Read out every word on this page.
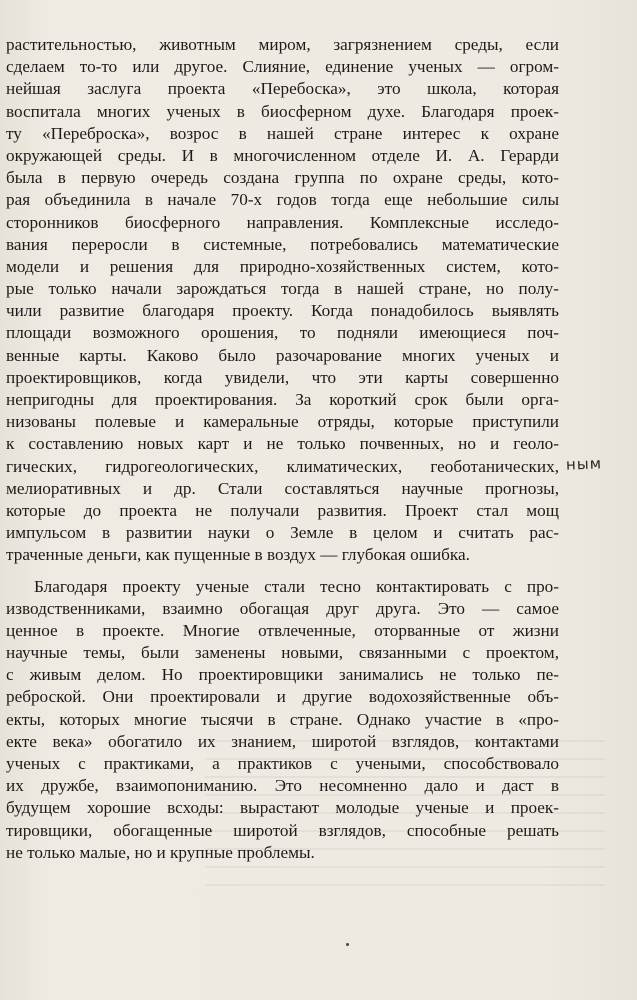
растительностью, животным миром, загрязнением среды, если
сделаем то-то или другое. Слияние, единение ученых — огром-
нейшая заслуга проекта «Перебоска», это школа, которая
воспитала многих ученых в биосферном духе. Благодаря проек-
ту «Переброска», возрос в нашей стране интерес к охране
окружающей среды. И в многочисленном отделе И. А. Герарди
была в первую очередь создана группа по охране среды, кото-
рая объединила в начале 70-х годов тогда еще небольшие силы
сторонников биосферного направления. Комплексные исследо-
вания переросли в системные, потребовались математические
модели и решения для природно-хозяйственных систем, кото-
рые только начали зарождаться тогда в нашей стране, но полу-
чили развитие благодаря проекту. Когда понадобилось выявлять
площади возможного орошения, то подняли имеющиеся поч-
венные карты. Каково было разочарование многих ученых и
проектировщиков, когда увидели, что эти карты совершенно
непригодны для проектирования. За короткий срок были орга-
низованы полевые и камеральные отряды, которые приступили
к составлению новых карт и не только почвенных, но и геоло-
гических, гидрогеологических, климатических, геоботанических,
мелиоративных и др. Стали составляться научные прогнозы,
которые до проекта не получали развития. Проект стал мощ
импульсом в развитии науки о Земле в целом и считать рас-
траченные деньги, как пущенные в воздух — глубокая ошибка.
Благодаря проекту ученые стали тесно контактировать с про-
изводственниками, взаимно обогащая друг друга. Это — самое
ценное в проекте. Многие отвлеченные, оторванные от жизни
научные темы, были заменены новыми, связанными с проектом,
с живым делом. Но проектировщики занимались не только пе-
реброской. Они проектировали и другие водохозяйственные объ-
екты, которых многие тысячи в стране. Однако участие в «про-
екте века» обогатило их знанием, широтой взглядов, контактами
ученых с практиками, а практиков с учеными, способствовало
их дружбе, взаимопониманию. Это несомненно дало и даст в
будущем хорошие всходы: вырастают молодые ученые и проек-
тировщики, обогащенные широтой взглядов, способные решать
не только малые, но и крупные проблемы.
ным
